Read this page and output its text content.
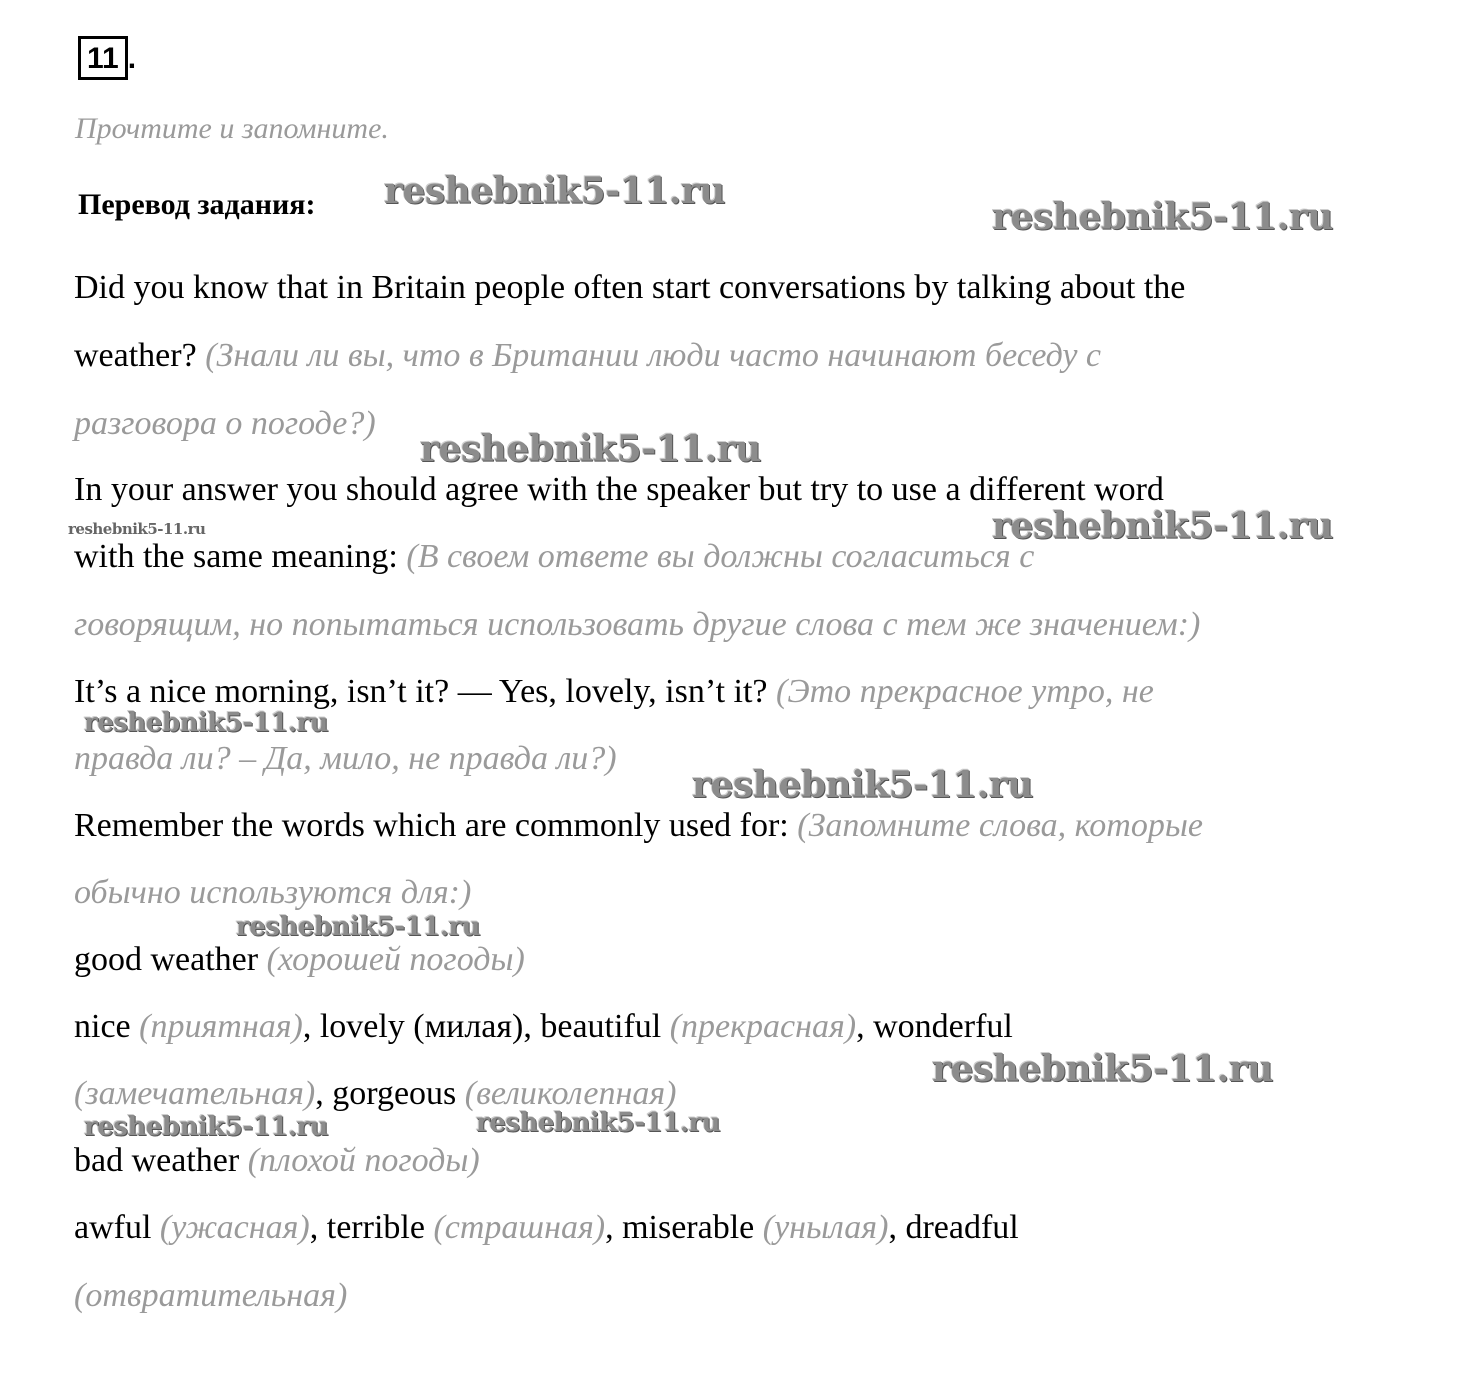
11 .
Прочтите и запомните.
Перевод задания:
Did you know that in Britain people often start conversations by talking about the
weather? (Знали ли вы, что в Британии люди часто начинают беседу с
разговора о погоде?)
In your answer you should agree with the speaker but try to use a different word
with the same meaning: (В своем ответе вы должны согласиться с
говорящим, но попытаться использовать другие слова с тем же значением:)
It’s a nice morning, isn’t it? — Yes, lovely, isn’t it? (Это прекрасное утро, не
правда ли? – Да, мило, не правда ли?)
Remember the words which are commonly used for: (Запомните слова, которые
обычно используются для:)
good weather (хорошей погоды)
nice (приятная), lovely (милая), beautiful (прекрасная), wonderful
(замечательная), gorgeous (великолепная)
bad weather (плохой погоды)
awful (ужасная), terrible (страшная), miserable (унылая), dreadful
(отвратительная)
reshebnik5-11.ru
reshebnik5-11.ru
reshebnik5-11.ru
reshebnik5-11.ru	reshebnik5-11.ru
reshebnik5-11.ru
reshebnik5-11.ru
reshebnik5-11.ru
reshebnik5-11.ru
reshebnik5-11.ru	reshebnik5-11.ru
